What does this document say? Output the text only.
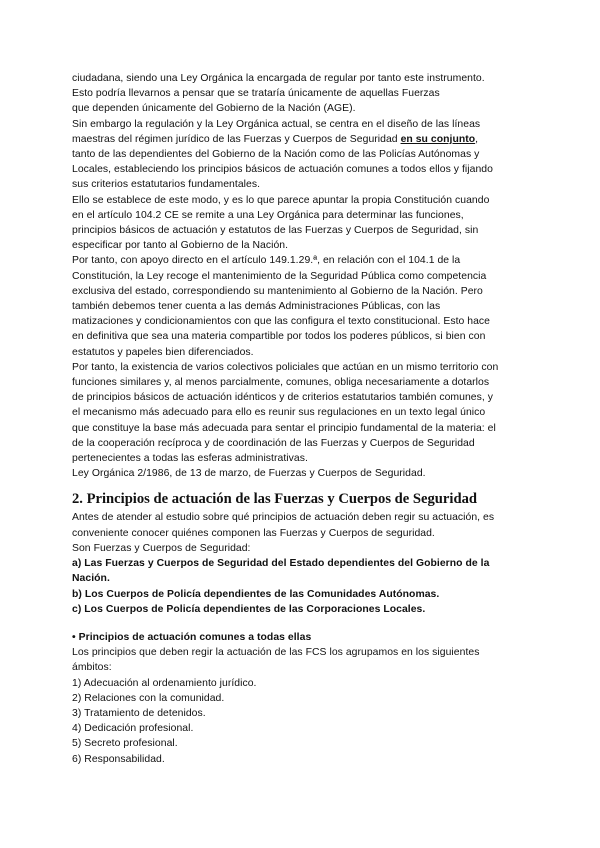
ciudadana, siendo una Ley Orgánica la encargada de regular por tanto este instrumento.
Esto podría llevarnos a pensar que se trataría únicamente de aquellas Fuerzas
que dependen únicamente del Gobierno de la Nación (AGE).

Sin embargo la regulación y la Ley Orgánica actual, se centra en el diseño de las líneas
maestras del régimen jurídico de las Fuerzas y Cuerpos de Seguridad en su conjunto,
tanto de las dependientes del Gobierno de la Nación como de las Policías Autónomas y
Locales, estableciendo los principios básicos de actuación comunes a todos ellos y fijando
sus criterios estatutarios fundamentales.

Ello se establece de este modo, y es lo que parece apuntar la propia Constitución cuando
en el artículo 104.2 CE se remite a una Ley Orgánica para determinar las funciones,
principios básicos de actuación y estatutos de las Fuerzas y Cuerpos de Seguridad, sin
especificar por tanto al Gobierno de la Nación.

Por tanto, con apoyo directo en el artículo 149.1.29.ª, en relación con el 104.1 de la
Constitución, la Ley recoge el mantenimiento de la Seguridad Pública como competencia
exclusiva del estado, correspondiendo su mantenimiento al Gobierno de la Nación. Pero
también debemos tener cuenta a las demás Administraciones Públicas, con las
matizaciones y condicionamientos con que las configura el texto constitucional. Esto hace
en definitiva que sea una materia compartible por todos los poderes públicos, si bien con
estatutos y papeles bien diferenciados.

Por tanto, la existencia de varios colectivos policiales que actúan en un mismo territorio con
funciones similares y, al menos parcialmente, comunes, obliga necesariamente a dotarlos
de principios básicos de actuación idénticos y de criterios estatutarios también comunes, y
el mecanismo más adecuado para ello es reunir sus regulaciones en un texto legal único
que constituye la base más adecuada para sentar el principio fundamental de la materia: el
de la cooperación recíproca y de coordinación de las Fuerzas y Cuerpos de Seguridad
pertenecientes a todas las esferas administrativas.

Ley Orgánica 2/1986, de 13 de marzo, de Fuerzas y Cuerpos de Seguridad.

2. Principios de actuación de las Fuerzas y Cuerpos de Seguridad

Antes de atender al estudio sobre qué principios de actuación deben regir su actuación, es
conveniente conocer quiénes componen las Fuerzas y Cuerpos de seguridad.
Son Fuerzas y Cuerpos de Seguridad:

a) Las Fuerzas y Cuerpos de Seguridad del Estado dependientes del Gobierno de la
Nación.
b) Los Cuerpos de Policía dependientes de las Comunidades Autónomas.
c) Los Cuerpos de Policía dependientes de las Corporaciones Locales.

• Principios de actuación comunes a todas ellas

Los principios que deben regir la actuación de las FCS los agrupamos en los siguientes
ámbitos:

1) Adecuación al ordenamiento jurídico.
2) Relaciones con la comunidad.
3) Tratamiento de detenidos.
4) Dedicación profesional.
5) Secreto profesional.
6) Responsabilidad.
